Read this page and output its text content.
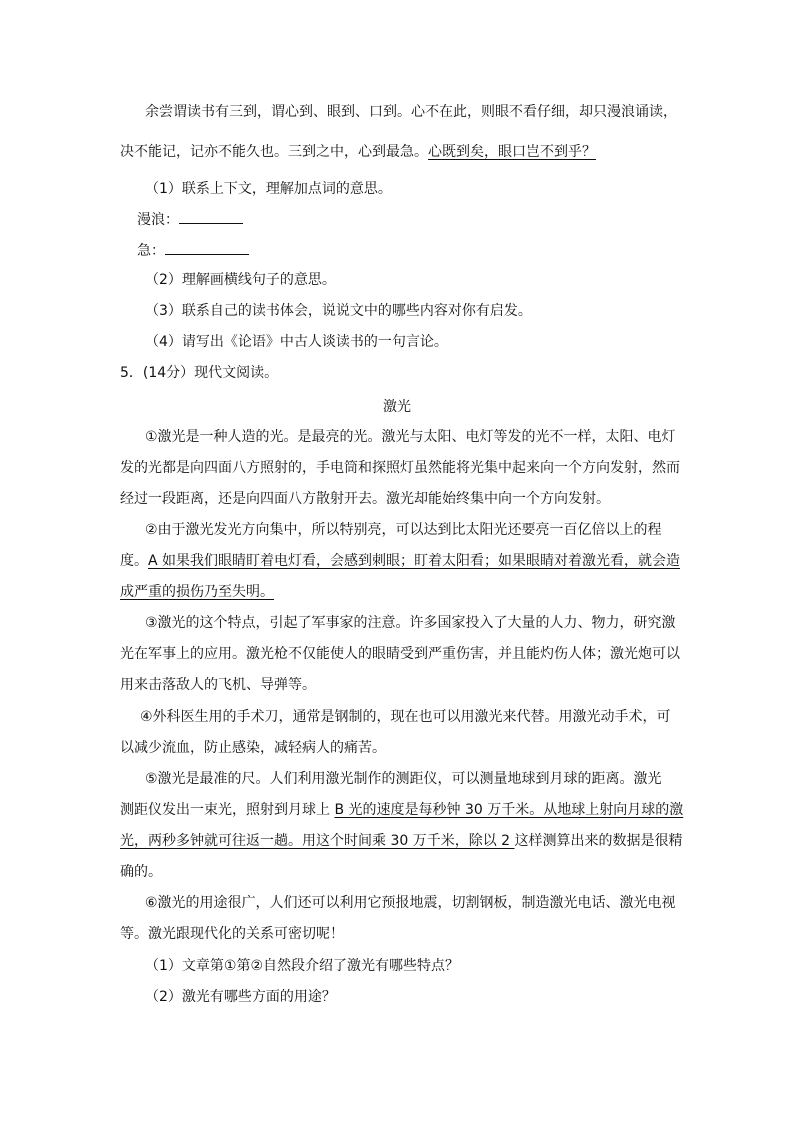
余尝谓读书有三到，谓心到、眼到、口到。心不在此，则眼不看仔细，却只漫浪诵读，
决不能记，记亦不能久也。三到之中，心到最急。心既到矣，眼口岂不到乎？
（1）联系上下文，理解加点词的意思。
漫浪：
急：
（2）理解画横线句子的意思。
（3）联系自己的读书体会，说说文中的哪些内容对你有启发。
（4）请写出《论语》中古人谈读书的一句言论。
5．(14分）现代文阅读。
激光
①激光是一种人造的光。是最亮的光。激光与太阳、电灯等发的光不一样，太阳、电灯
发的光都是向四面八方照射的，手电筒和探照灯虽然能将光集中起来向一个方向发射，然而
经过一段距离，还是向四面八方散射开去。激光却能始终集中向一个方向发射。
②由于激光发光方向集中，所以特别亮，可以达到比太阳光还要亮一百亿倍以上的程
度。A 如果我们眼睛盯着电灯看，会感到刺眼；盯着太阳看；如果眼睛对着激光看，就会造
成严重的损伤乃至失明。
③激光的这个特点，引起了军事家的注意。许多国家投入了大量的人力、物力，研究激
光在军事上的应用。激光枪不仅能使人的眼睛受到严重伤害，并且能灼伤人体；激光炮可以
用来击落敌人的飞机、导弹等。
④外科医生用的手术刀，通常是钢制的，现在也可以用激光来代替。用激光动手术，可
以减少流血，防止感染，减轻病人的痛苦。
⑤激光是最准的尺。人们利用激光制作的测距仪，可以测量地球到月球的距离。激光
测距仪发出一束光，照射到月球上 B 光的速度是每秒钟 30 万千米。从地球上射向月球的激
光，两秒多钟就可往返一趟。用这个时间乘 30 万千米，除以 2 这样测算出来的数据是很精
确的。
⑥激光的用途很广，人们还可以利用它预报地震，切割钢板，制造激光电话、激光电视
等。激光跟现代化的关系可密切呢！
（1）文章第①第②自然段介绍了激光有哪些特点？
（2）激光有哪些方面的用途？
